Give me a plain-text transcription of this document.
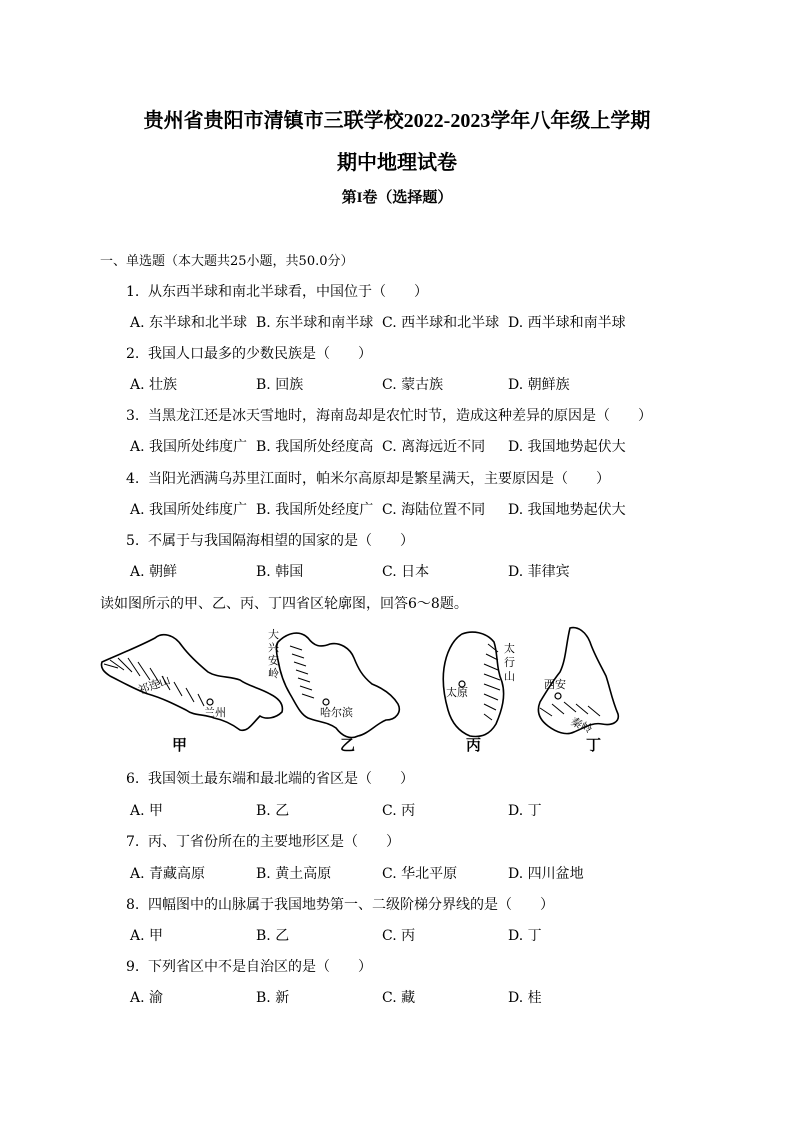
贵州省贵阳市清镇市三联学校2022-2023学年八年级上学期
期中地理试卷
第I卷（选择题）
一、单选题（本大题共25小题，共50.0分）
1. 从东西半球和南北半球看，中国位于（　　）
A. 东半球和北半球 B. 东半球和南半球 C. 西半球和北半球 D. 西半球和南半球
2. 我国人口最多的少数民族是（　　）
A. 壮族	B. 回族	C. 蒙古族	D. 朝鲜族
3. 当黑龙江还是冰天雪地时，海南岛却是农忙时节，造成这种差异的原因是（　　）
A. 我国所处纬度广 B. 我国所处经度高 C. 离海远近不同 D. 我国地势起伏大
4. 当阳光洒满乌苏里江面时，帕米尔高原却是繁星满天，主要原因是（　　）
A. 我国所处纬度广 B. 我国所处经度广 C. 海陆位置不同 D. 我国地势起伏大
5. 不属于与我国隔海相望的国家的是（　　）
A. 朝鲜	B. 韩国	C. 日本	D. 菲律宾
读如图所示的甲、乙、丙、丁四省区轮廓图，回答6～8题。
祁连山
兰州	哈尔滨
太原
西安
秦岭
大
兴
安
岭
太
行
山
甲	乙	丙	丁
6. 我国领土最东端和最北端的省区是（　　）
A. 甲	B. 乙	C. 丙	D. 丁
7. 丙、丁省份所在的主要地形区是（　　）
A. 青藏高原	B. 黄土高原	C. 华北平原	D. 四川盆地
8. 四幅图中的山脉属于我国地势第一、二级阶梯分界线的是（　　）
A. 甲	B. 乙	C. 丙	D. 丁
9. 下列省区中不是自治区的是（　　）
A. 渝	B. 新	C. 藏	D. 桂
